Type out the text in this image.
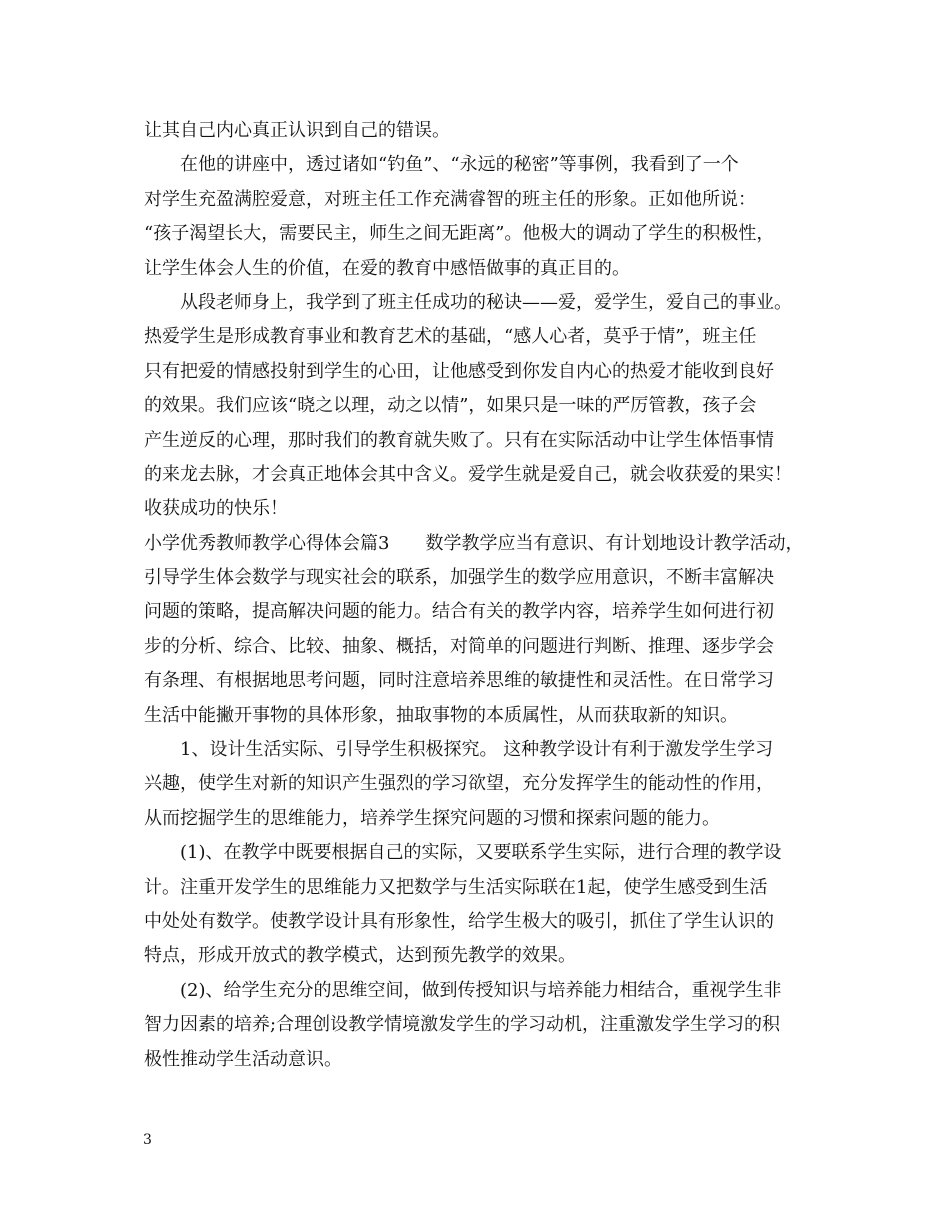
让其自己内心真正认识到自己的错误。
　　在他的讲座中，透过诸如“钓鱼”、“永远的秘密”等事例，我看到了一个
对学生充盈满腔爱意，对班主任工作充满睿智的班主任的形象。正如他所说：
“孩子渴望长大，需要民主，师生之间无距离”。他极大的调动了学生的积极性，
让学生体会人生的价值，在爱的教育中感悟做事的真正目的。
　　从段老师身上，我学到了班主任成功的秘诀——爱，爱学生，爱自己的事业。
热爱学生是形成教育事业和教育艺术的基础，“感人心者，莫乎于情”，班主任
只有把爱的情感投射到学生的心田，让他感受到你发自内心的热爱才能收到良好
的效果。我们应该“晓之以理，动之以情”，如果只是一味的严厉管教，孩子会
产生逆反的心理，那时我们的教育就失败了。只有在实际活动中让学生体悟事情
的来龙去脉，才会真正地体会其中含义。爱学生就是爱自己，就会收获爱的果实！
收获成功的快乐！
小学优秀教师教学心得体会篇3　　数学教学应当有意识、有计划地设计教学活动，
引导学生体会数学与现实社会的联系，加强学生的数学应用意识，不断丰富解决
问题的策略，提高解决问题的能力。结合有关的教学内容，培养学生如何进行初
步的分析、综合、比较、抽象、概括，对简单的问题进行判断、推理、逐步学会
有条理、有根据地思考问题，同时注意培养思维的敏捷性和灵活性。在日常学习
生活中能撇开事物的具体形象，抽取事物的本质属性，从而获取新的知识。
　　1、设计生活实际、引导学生积极探究。 这种教学设计有利于激发学生学习
兴趣，使学生对新的知识产生强烈的学习欲望，充分发挥学生的能动性的作用，
从而挖掘学生的思维能力，培养学生探究问题的习惯和探索问题的能力。
　　(1)、在教学中既要根据自己的实际，又要联系学生实际，进行合理的教学设
计。注重开发学生的思维能力又把数学与生活实际联在1起，使学生感受到生活
中处处有数学。使教学设计具有形象性，给学生极大的吸引，抓住了学生认识的
特点，形成开放式的教学模式，达到预先教学的效果。
　　(2)、给学生充分的思维空间，做到传授知识与培养能力相结合，重视学生非
智力因素的培养;合理创设教学情境激发学生的学习动机，注重激发学生学习的积
极性推动学生活动意识。
3
